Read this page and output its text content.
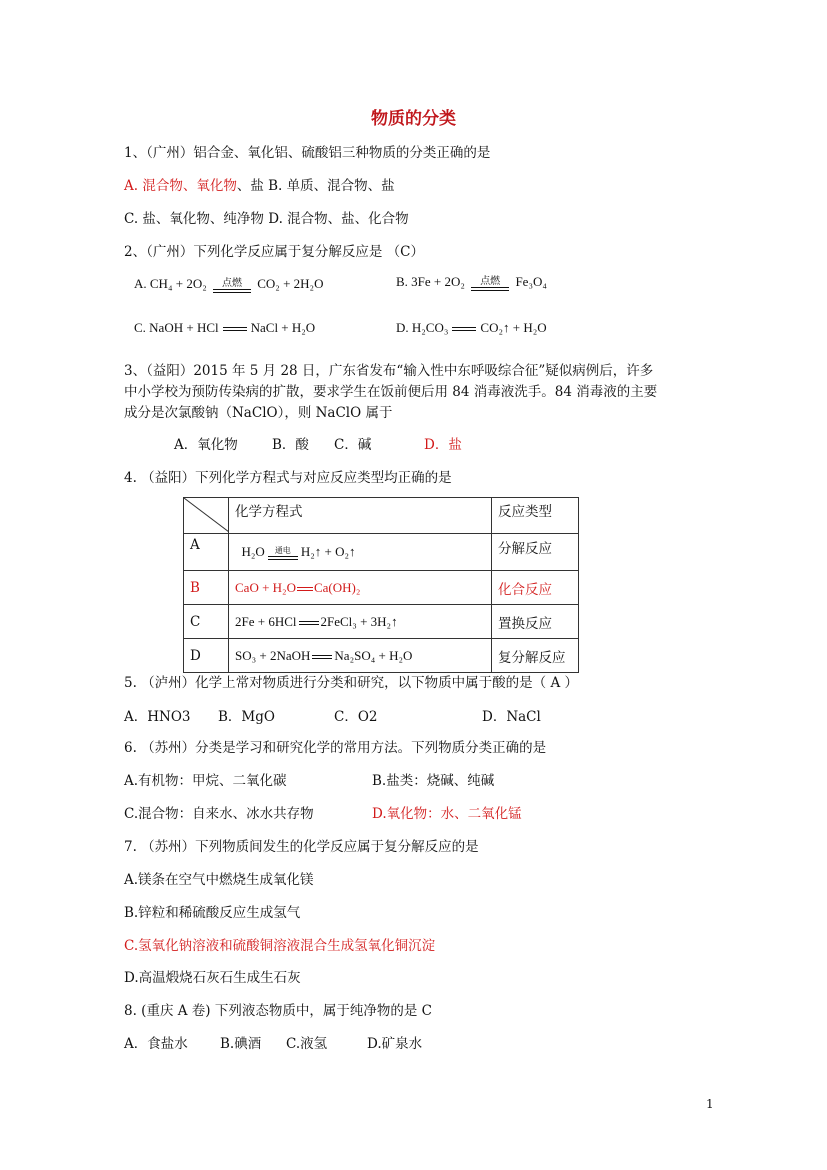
物质的分类
1、（广州）铝合金、氧化铝、硫酸铝三种物质的分类正确的是
A. 混合物、氧化物、盐 B. 单质、混合物、盐
C. 盐、氧化物、纯净物 D. 混合物、盐、化合物
2、（广州）下列化学反应属于复分解反应是 （C）
A. CH₄ + 2O₂	点燃	CO₂ + 2H₂O	B. 3Fe + 2O₂	点燃	Fe₃O₄
C. NaOH + HCl NaCl + H₂O	D. H₂CO₃ CO₂↑ + H₂O
3、（益阳）2015 年 5 月 28 日，广东省发布“输入性中东呼吸综合征”疑似病例后，许多
中小学校为预防传染病的扩散，要求学生在饭前便后用 84 消毒液洗手。84 消毒液的主要
成分是次氯酸钠（NaClO），则 NaClO 属于
A．氧化物	B．酸 C．碱	D．盐
4. （益阳）下列化学方程式与对应反应类型均正确的是
	化学方程式	反应类型
A	H₂O 通电 H₂↑ + O₂↑	分解反应
B	CaO + H₂O Ca(OH)₂	化合反应
C	2Fe + 6HCl 2FeCl₃ + 3H₂↑	置换反应
D	SO₃ + 2NaOH Na₂SO₄ + H₂O	复分解反应
5. （泸州）化学上常对物质进行分类和研究，以下物质中属于酸的是（ A ）
A．HNO3 B．MgO	C．O2	D．NaCl
6. （苏州）分类是学习和研究化学的常用方法。下列物质分类正确的是
A.有机物：甲烷、二氧化碳	B.盐类：烧碱、纯碱
C.混合物：自来水、冰水共存物	D.氧化物：水、二氧化锰
7. （苏州）下列物质间发生的化学反应属于复分解反应的是
A.镁条在空气中燃烧生成氧化镁
B.锌粒和稀硫酸反应生成氢气
C.氢氧化钠溶液和硫酸铜溶液混合生成氢氧化铜沉淀
D.高温煅烧石灰石生成生石灰
8. (重庆 A 卷) 下列液态物质中，属于纯净物的是 C
A．食盐水 B.碘酒 C.液氢	D.矿泉水
1
